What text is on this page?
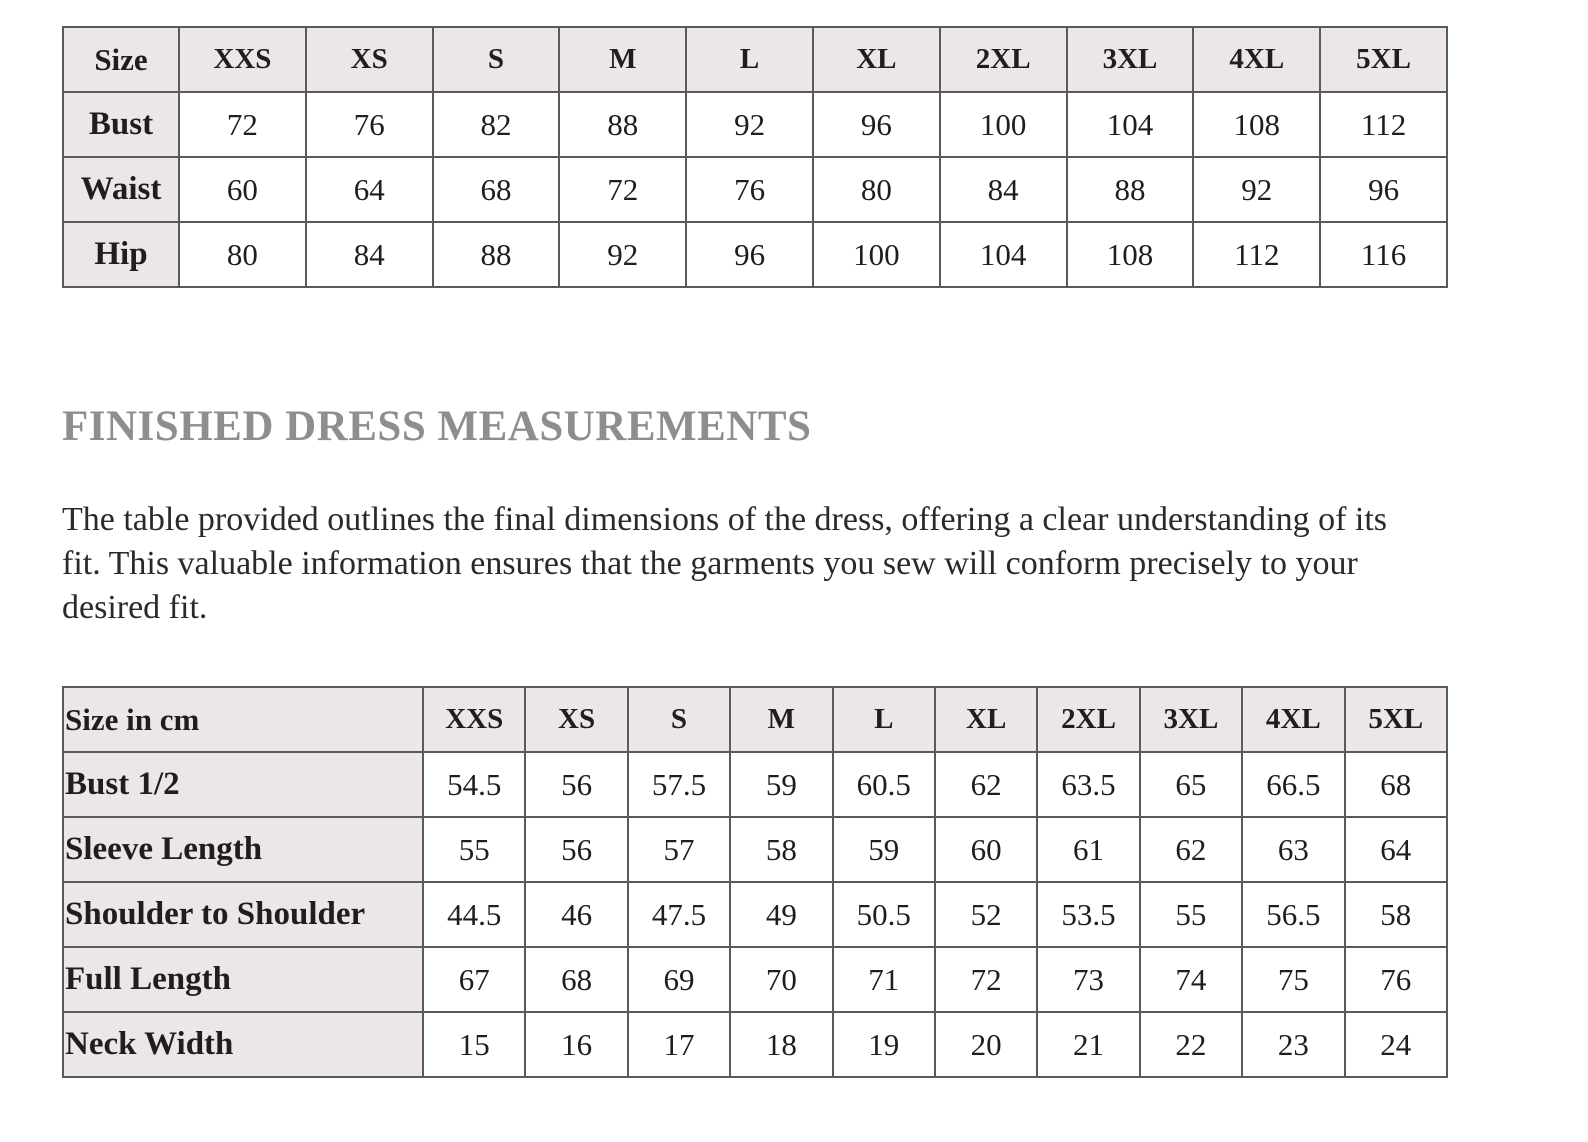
Size	XXS	XS	S	M	L	XL	2XL	3XL	4XL	5XL
Bust	72	76	82	88	92	96	100	104	108	112
Waist	60	64	68	72	76	80	84	88	92	96
Hip	80	84	88	92	96	100	104	108	112	116
FINISHED DRESS MEASUREMENTS

The table provided outlines the final dimensions of the dress, offering a clear understanding of its fit. This valuable information ensures that the garments you sew will conform precisely to your desired fit.

Size in cm	XXS	XS	S	M	L	XL	2XL	3XL	4XL	5XL
Bust 1/2	54.5	56	57.5	59	60.5	62	63.5	65	66.5	68
Sleeve Length	55	56	57	58	59	60	61	62	63	64
Shoulder to Shoulder	44.5	46	47.5	49	50.5	52	53.5	55	56.5	58
Full Length	67	68	69	70	71	72	73	74	75	76
Neck Width	15	16	17	18	19	20	21	22	23	24
